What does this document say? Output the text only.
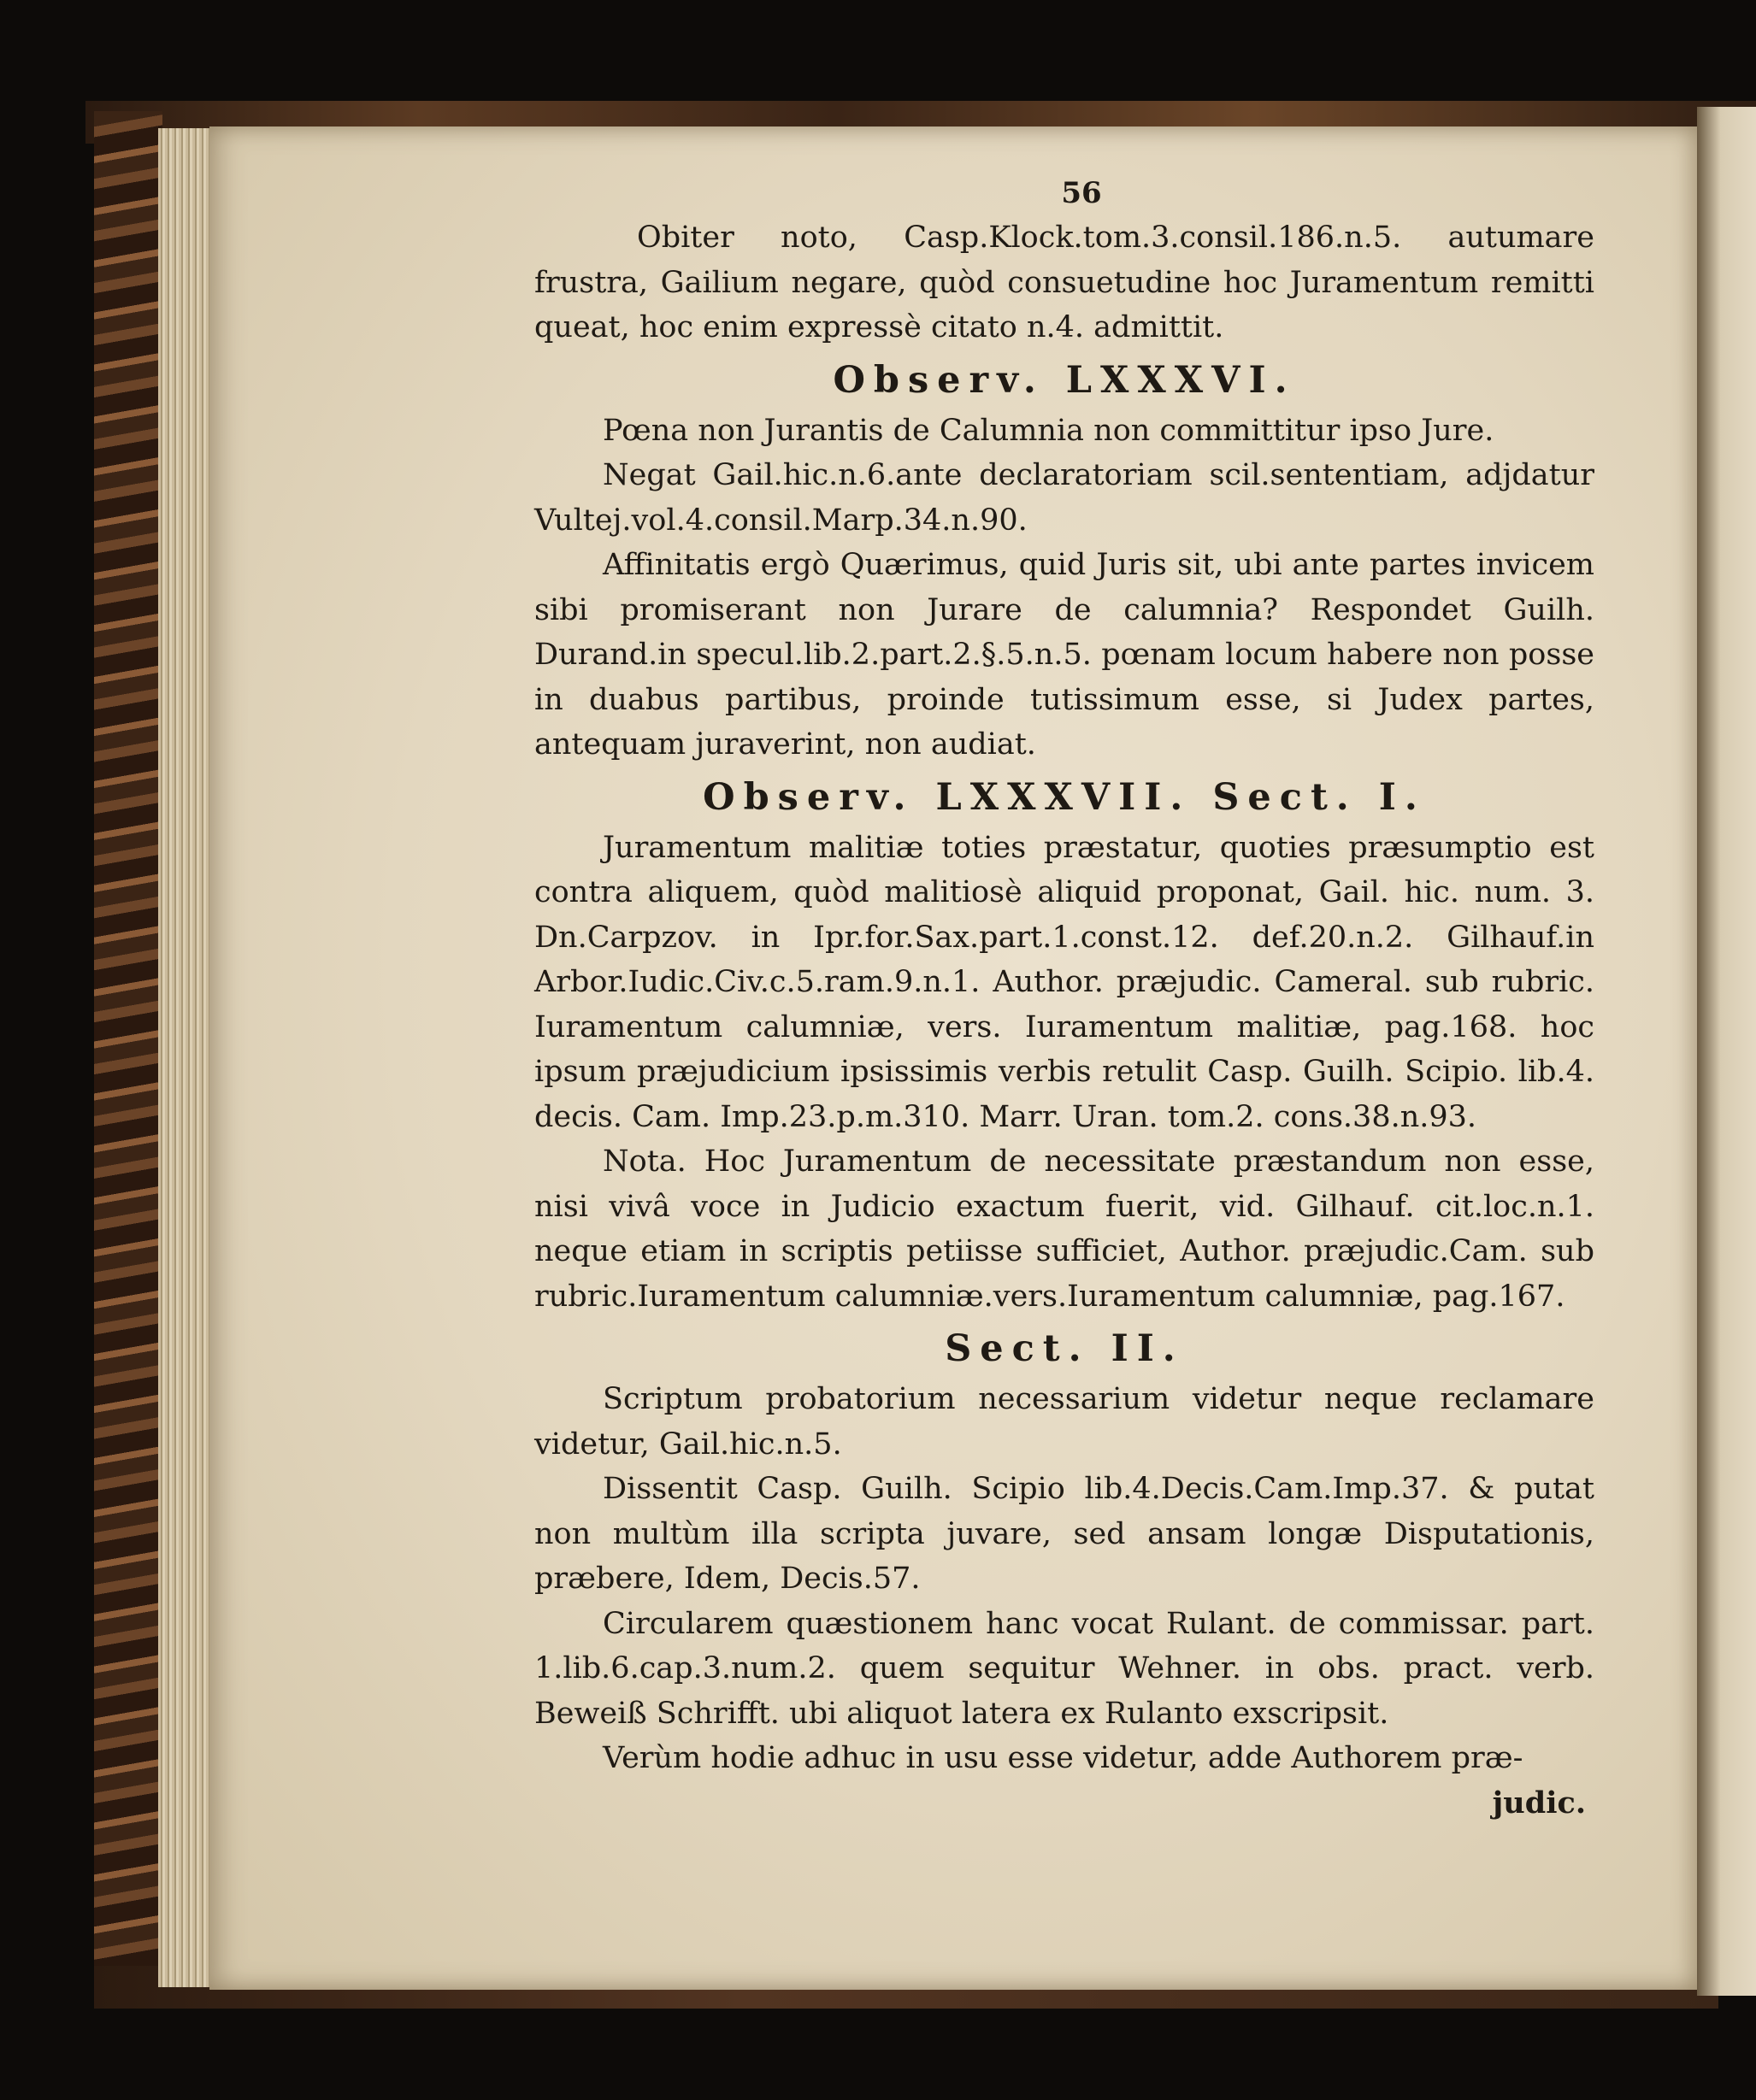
56

Obiter noto, Casp.Klock.tom.3.consil.186.n.5. autumare frustra, Gailium negare, quòd consuetudine hoc Juramentum remitti queat, hoc enim expressè citato n.4. admittit.

Observ. LXXXVI.

Pœna non Jurantis de Calumnia non committitur ipso Jure.

Negat Gail.hic.n.6.ante declaratoriam scil.sententiam, adjdatur Vultej.vol.4.consil.Marp.34.n.90.

Affinitatis ergò Quærimus, quid Juris sit, ubi ante partes invicem sibi promiserant non Jurare de calumnia? Respondet Guilh. Durand.in specul.lib.2.part.2.§.5.n.5. pœnam locum habere non posse in duabus partibus, proinde tutissimum esse, si Judex partes, antequam juraverint, non audiat.

Observ. LXXXVII. Sect. I.

Juramentum malitiæ toties præstatur, quoties præsumptio est contra aliquem, quòd malitiosè aliquid proponat, Gail. hic. num. 3. Dn.Carpzov. in Ipr.for.Sax.part.1.const.12. def.20.n.2. Gilhauf.in Arbor.Iudic.Civ.c.5.ram.9.n.1. Author. præjudic. Cameral. sub rubric. Iuramentum calumniæ, vers. Iuramentum malitiæ, pag.168. hoc ipsum præjudicium ipsissimis verbis retulit Casp. Guilh. Scipio. lib.4. decis. Cam. Imp.23.p.m.310. Marr. Uran. tom.2. cons.38.n.93.

Nota. Hoc Juramentum de necessitate præstandum non esse, nisi vivâ voce in Judicio exactum fuerit, vid. Gilhauf. cit.loc.n.1. neque etiam in scriptis petiisse sufficiet, Author. præjudic.Cam. sub rubric.Iuramentum calumniæ.vers.Iuramentum calumniæ, pag.167.

Sect. II.

Scriptum probatorium necessarium videtur neque reclamare videtur, Gail.hic.n.5.

Dissentit Casp. Guilh. Scipio lib.4.Decis.Cam.Imp.37. & putat non multùm illa scripta juvare, sed ansam longæ Disputationis, præbere, Idem, Decis.57.

Circularem quæstionem hanc vocat Rulant. de commissar. part. 1.lib.6.cap.3.num.2. quem sequitur Wehner. in obs. pract. verb. Beweiß Schrifft. ubi aliquot latera ex Rulanto exscripsit.

Verùm hodie adhuc in usu esse videtur, adde Authorem præ-

judic.
